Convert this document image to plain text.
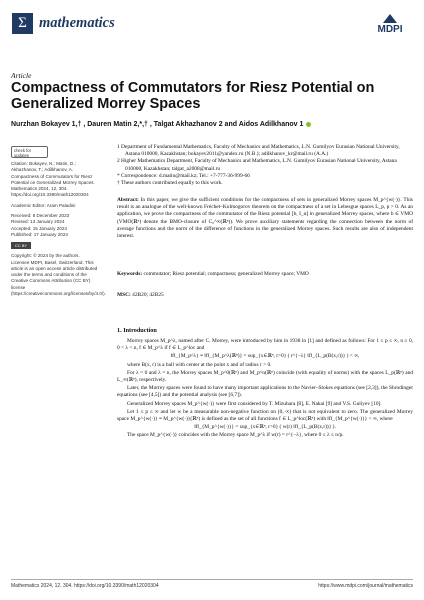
Σ mathematics	MDPI
Article
Compactness of Commutators for Riesz Potential on Generalized Morrey Spaces
Nurzhan Bokayev 1,† , Dauren Matin 2,*,† , Talgat Akhazhanov 2 and Aidos Adilkhanov 1
check for updates

Citation: Bokayev, N.; Matin, D.; Akhazhanov, T.; Adilkhanov, A. Compactness of Commutators for Riesz Potential on Generalized Morrey Spaces. Mathematics 2024, 12, 304. https://doi.org/10.3390/math12020304

Academic Editor: Aram Paladini

Received: 6 December 2023

Revised: 13 January 2024

Accepted: 15 January 2024

Published: 17 January 2024

CC BY

Copyright: © 2024 by the authors. Licensee MDPI, Basel, Switzerland. This article is an open access article distributed under the terms and conditions of the Creative Commons Attribution (CC BY) license (https://creativecommons.org/licenses/by/4.0/).

1 Department of Fundamental Mathematics, Faculty of Mechanics and Mathematics, L.N. Gumilyov Eurasian National University, Astana 010000, Kazakhstan; bokayev2011@yandex.ru (N.B.); adilkhanov_kr@mail.ru (A.A.)
2 Higher Mathematics Department, Faculty of Mechanics and Mathematics, L.N. Gumilyov Eurasian National University, Astana 010000, Kazakhstan; talgat_a2008@mail.ru
* Correspondence: d.matin@mail.kz; Tel.: +7-777-36-999-66
† These authors contributed equally to this work.
Abstract: In this paper, we give the sufficient conditions for the compactness of sets in generalized Morrey spaces M_p^{w(·)}. This result is an analogue of the well-known Fréchet–Kolmogorov theorem on the compactness of a set in Lebesgue spaces L_p, p > 0. As an application, we prove the compactness of the commutator of the Riesz potential [b, I_α] in generalized Morrey spaces, where b ∈ VMO (VMO(ℝⁿ) denote the BMO-closure of C₀^∞(ℝⁿ)). We prove auxiliary statements regarding the connection between the norm of average functions and the norm of the difference of functions in the generalized Morrey spaces. Such results are also of independent interest.
Keywords: commutator; Riesz potential; compactness; generalized Morrey space; VMO
MSC: 42B20; 42B25
1. Introduction

Morrey spaces M_p^λ, named after C. Morrey, were introduced by him in 1938 in [1] and defined as follows: For 1 ≤ p ≤ ∞, n ≥ 0, 0 < λ < n, f ∈ M_p^λ if f ∈ L_p^loc and

‖f‖_{M_p^λ} ≡ ‖f‖_{M_p^λ(ℝⁿ)} = sup_{x∈ℝⁿ, r>0} ( r^{−λ} ‖f‖_{L_p(B(x,r))} ) < ∞,

where B(x, r) is a ball with center at the point x and of radius r > 0.

For λ = 0 and λ = n, the Morrey spaces M_p^0(ℝⁿ) and M_p^n(ℝⁿ) coincide (with equality of norms) with the spaces L_p(ℝⁿ) and L_∞(ℝⁿ), respectively.

Later, the Morrey spaces were found to have many important applications to the Navier–Stokes equations (see [2,3]), the Shrodinger equations (see [4,5]) and the potential analysis (see [6,7]).

Generalized Morrey spaces M_p^{w(·)} were first considered by T. Mizuhara [8], E. Nakai [9] and V.S. Guliyev [10].

Let 1 ≤ p ≤ ∞ and let w be a measurable non-negative function on (0, ∞) that is not equivalent to zero. The generalized Morrey space M_p^{w(·)} ≡ M_p^{w(·)}(ℝⁿ) is defined as the set of all functions f ∈ L_p^loc(ℝⁿ) with ‖f‖_{M_p^{w(·)}} < ∞, where

‖f‖_{M_p^{w(·)}} = sup_{x∈ℝⁿ, r>0} ( w(r) ‖f‖_{L_p(B(x,r))} ).

The space M_p^{w(·)} coincides with the Morrey space M_p^λ if w(r) = r^{−λ}, where 0 ≤ λ ≤ n/p.

Mathematics 2024, 12, 304. https://doi.org/10.3390/math12020304	https://www.mdpi.com/journal/mathematics
